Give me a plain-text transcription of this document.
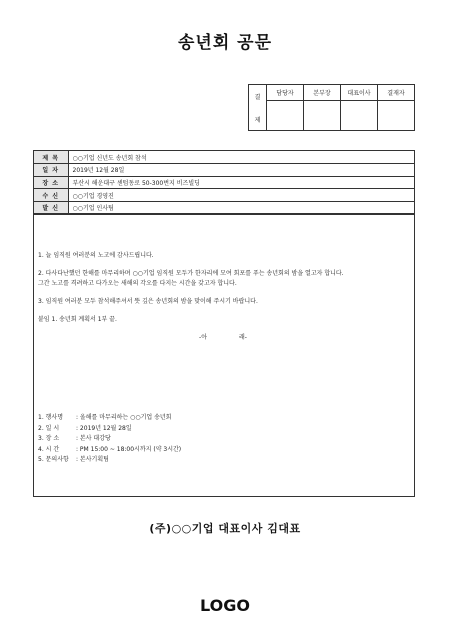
송년회 공문
결
제	담당자	본부장	대표이사	결재자

제 목	○○기업 신년도 송년회 참석
일 자	2019년 12월 28일
장 소	부산시 해운대구 센텀동로 50-300번지 비즈빌딩
수 신	○○기업 경영진
발 신	○○기업 인사팀

1. 늘 임직원 여러분의 노고에 감사드립니다.

2. 다사다난했던 한해를 마무리하며 ○○기업 임직원 모두가 한자리에 모여 회포를 푸는 송년회의 밤을 열고자 합니다.

그간 노고를 격려하고 다가오는 새해의 각오를 다지는 시간을 갖고자 합니다.

3. 임직원 여러분 모두 참석해주셔서 뜻 깊은 송년회의 밤을 맞이해 주시기 바랍니다.

붙임 1. 송년회 계획서 1부 끝.

-아	래-

1. 행사명	: 올해를 마무리하는 ○○기업 송년회
2. 일 시	: 2019년 12월 28일
3. 장 소	: 본사 대강당
4. 시 간	: PM 15:00 ~ 18:00시까지 (약 3시간)
5. 문의사항	: 본사기획팀
(주)○○기업 대표이사 김대표
LOGO
